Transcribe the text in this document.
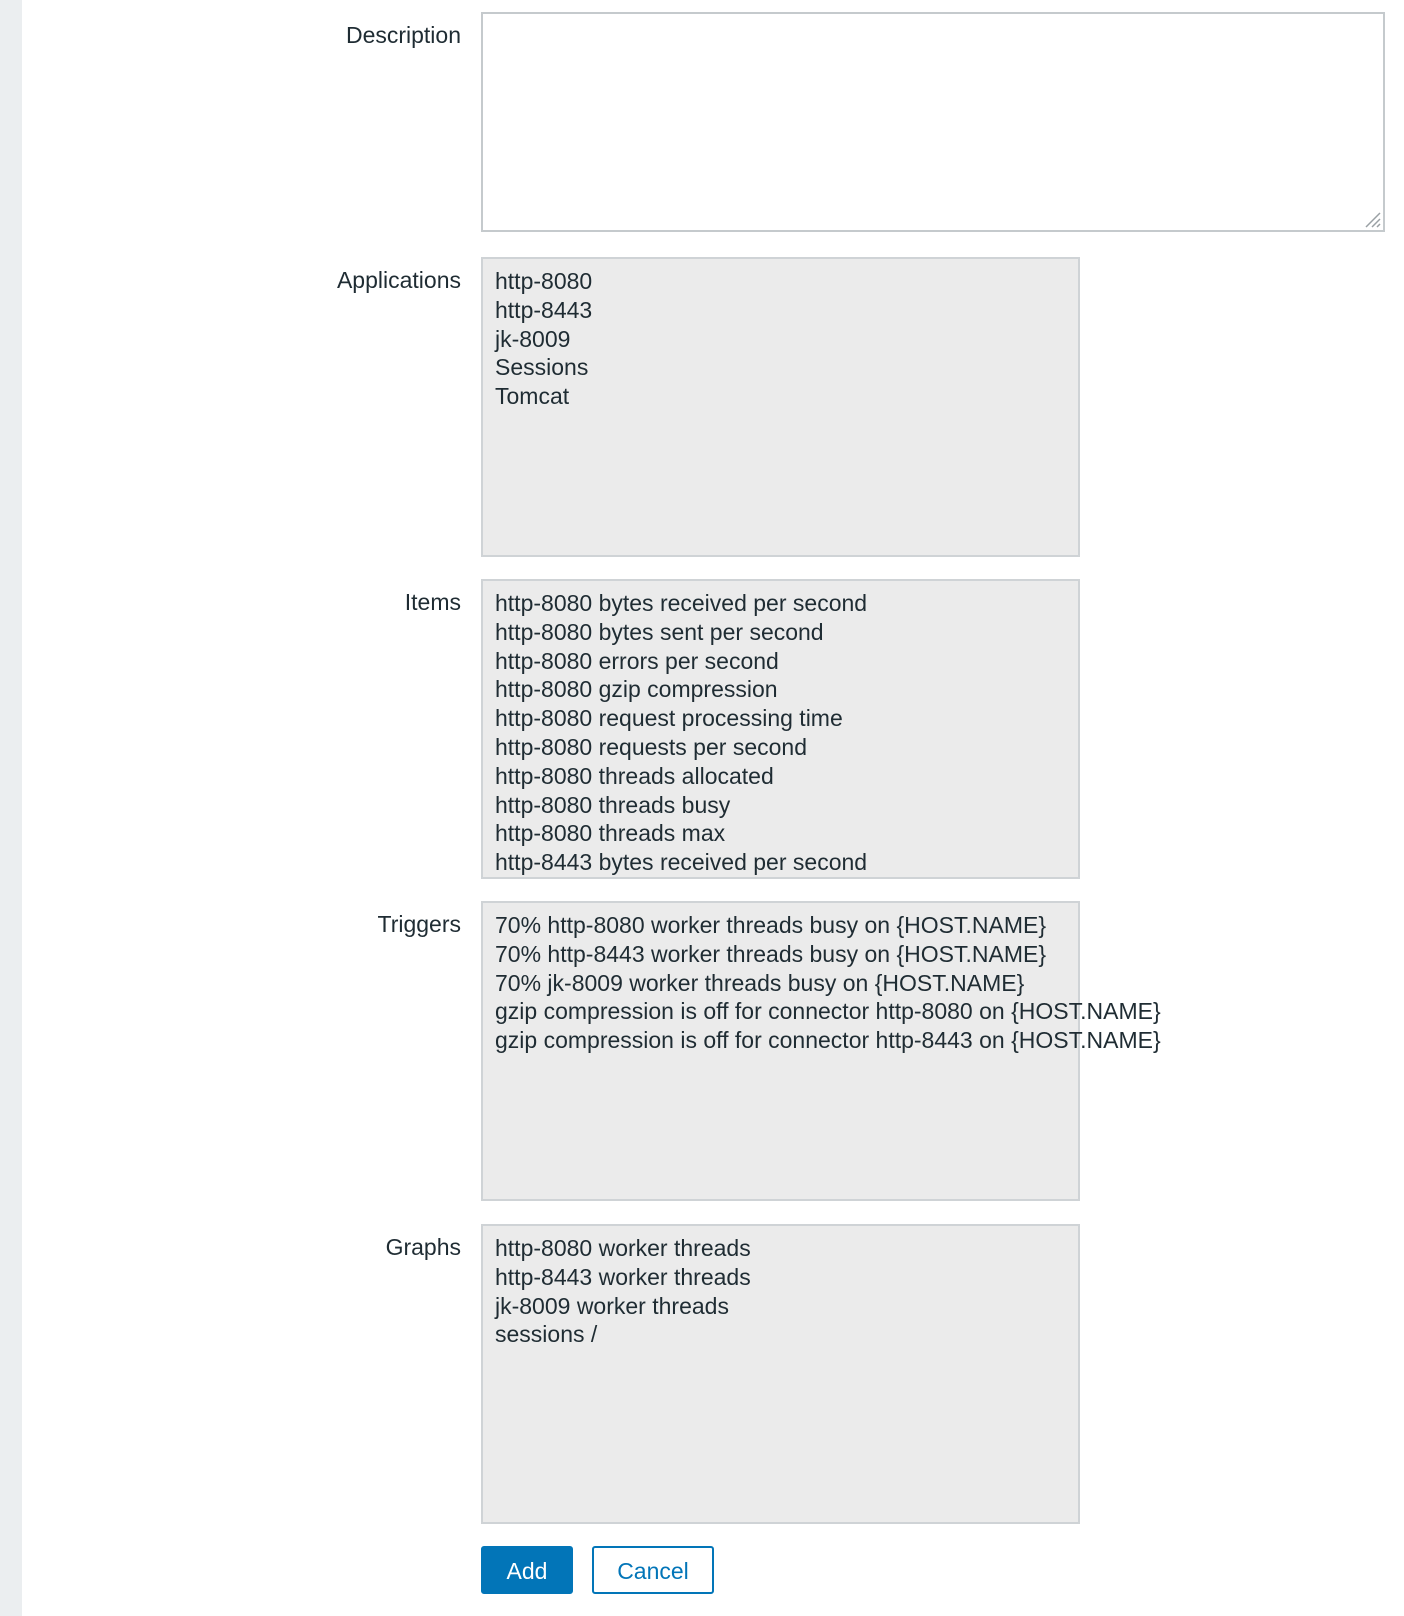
Description
Applications http-8080
http-8443
jk-8009
Sessions
Tomcat
Items http-8080 bytes received per second
http-8080 bytes sent per second
http-8080 errors per second
http-8080 gzip compression
http-8080 request processing time
http-8080 requests per second
http-8080 threads allocated
http-8080 threads busy
http-8080 threads max
http-8443 bytes received per second
Triggers 70% http-8080 worker threads busy on {HOST.NAME}
70% http-8443 worker threads busy on {HOST.NAME}
70% jk-8009 worker threads busy on {HOST.NAME}
gzip compression is off for connector http-8080 on {HOST.NAME}
gzip compression is off for connector http-8443 on {HOST.NAME}
Graphs http-8080 worker threads
http-8443 worker threads
jk-8009 worker threads
sessions /
Add	Cancel
